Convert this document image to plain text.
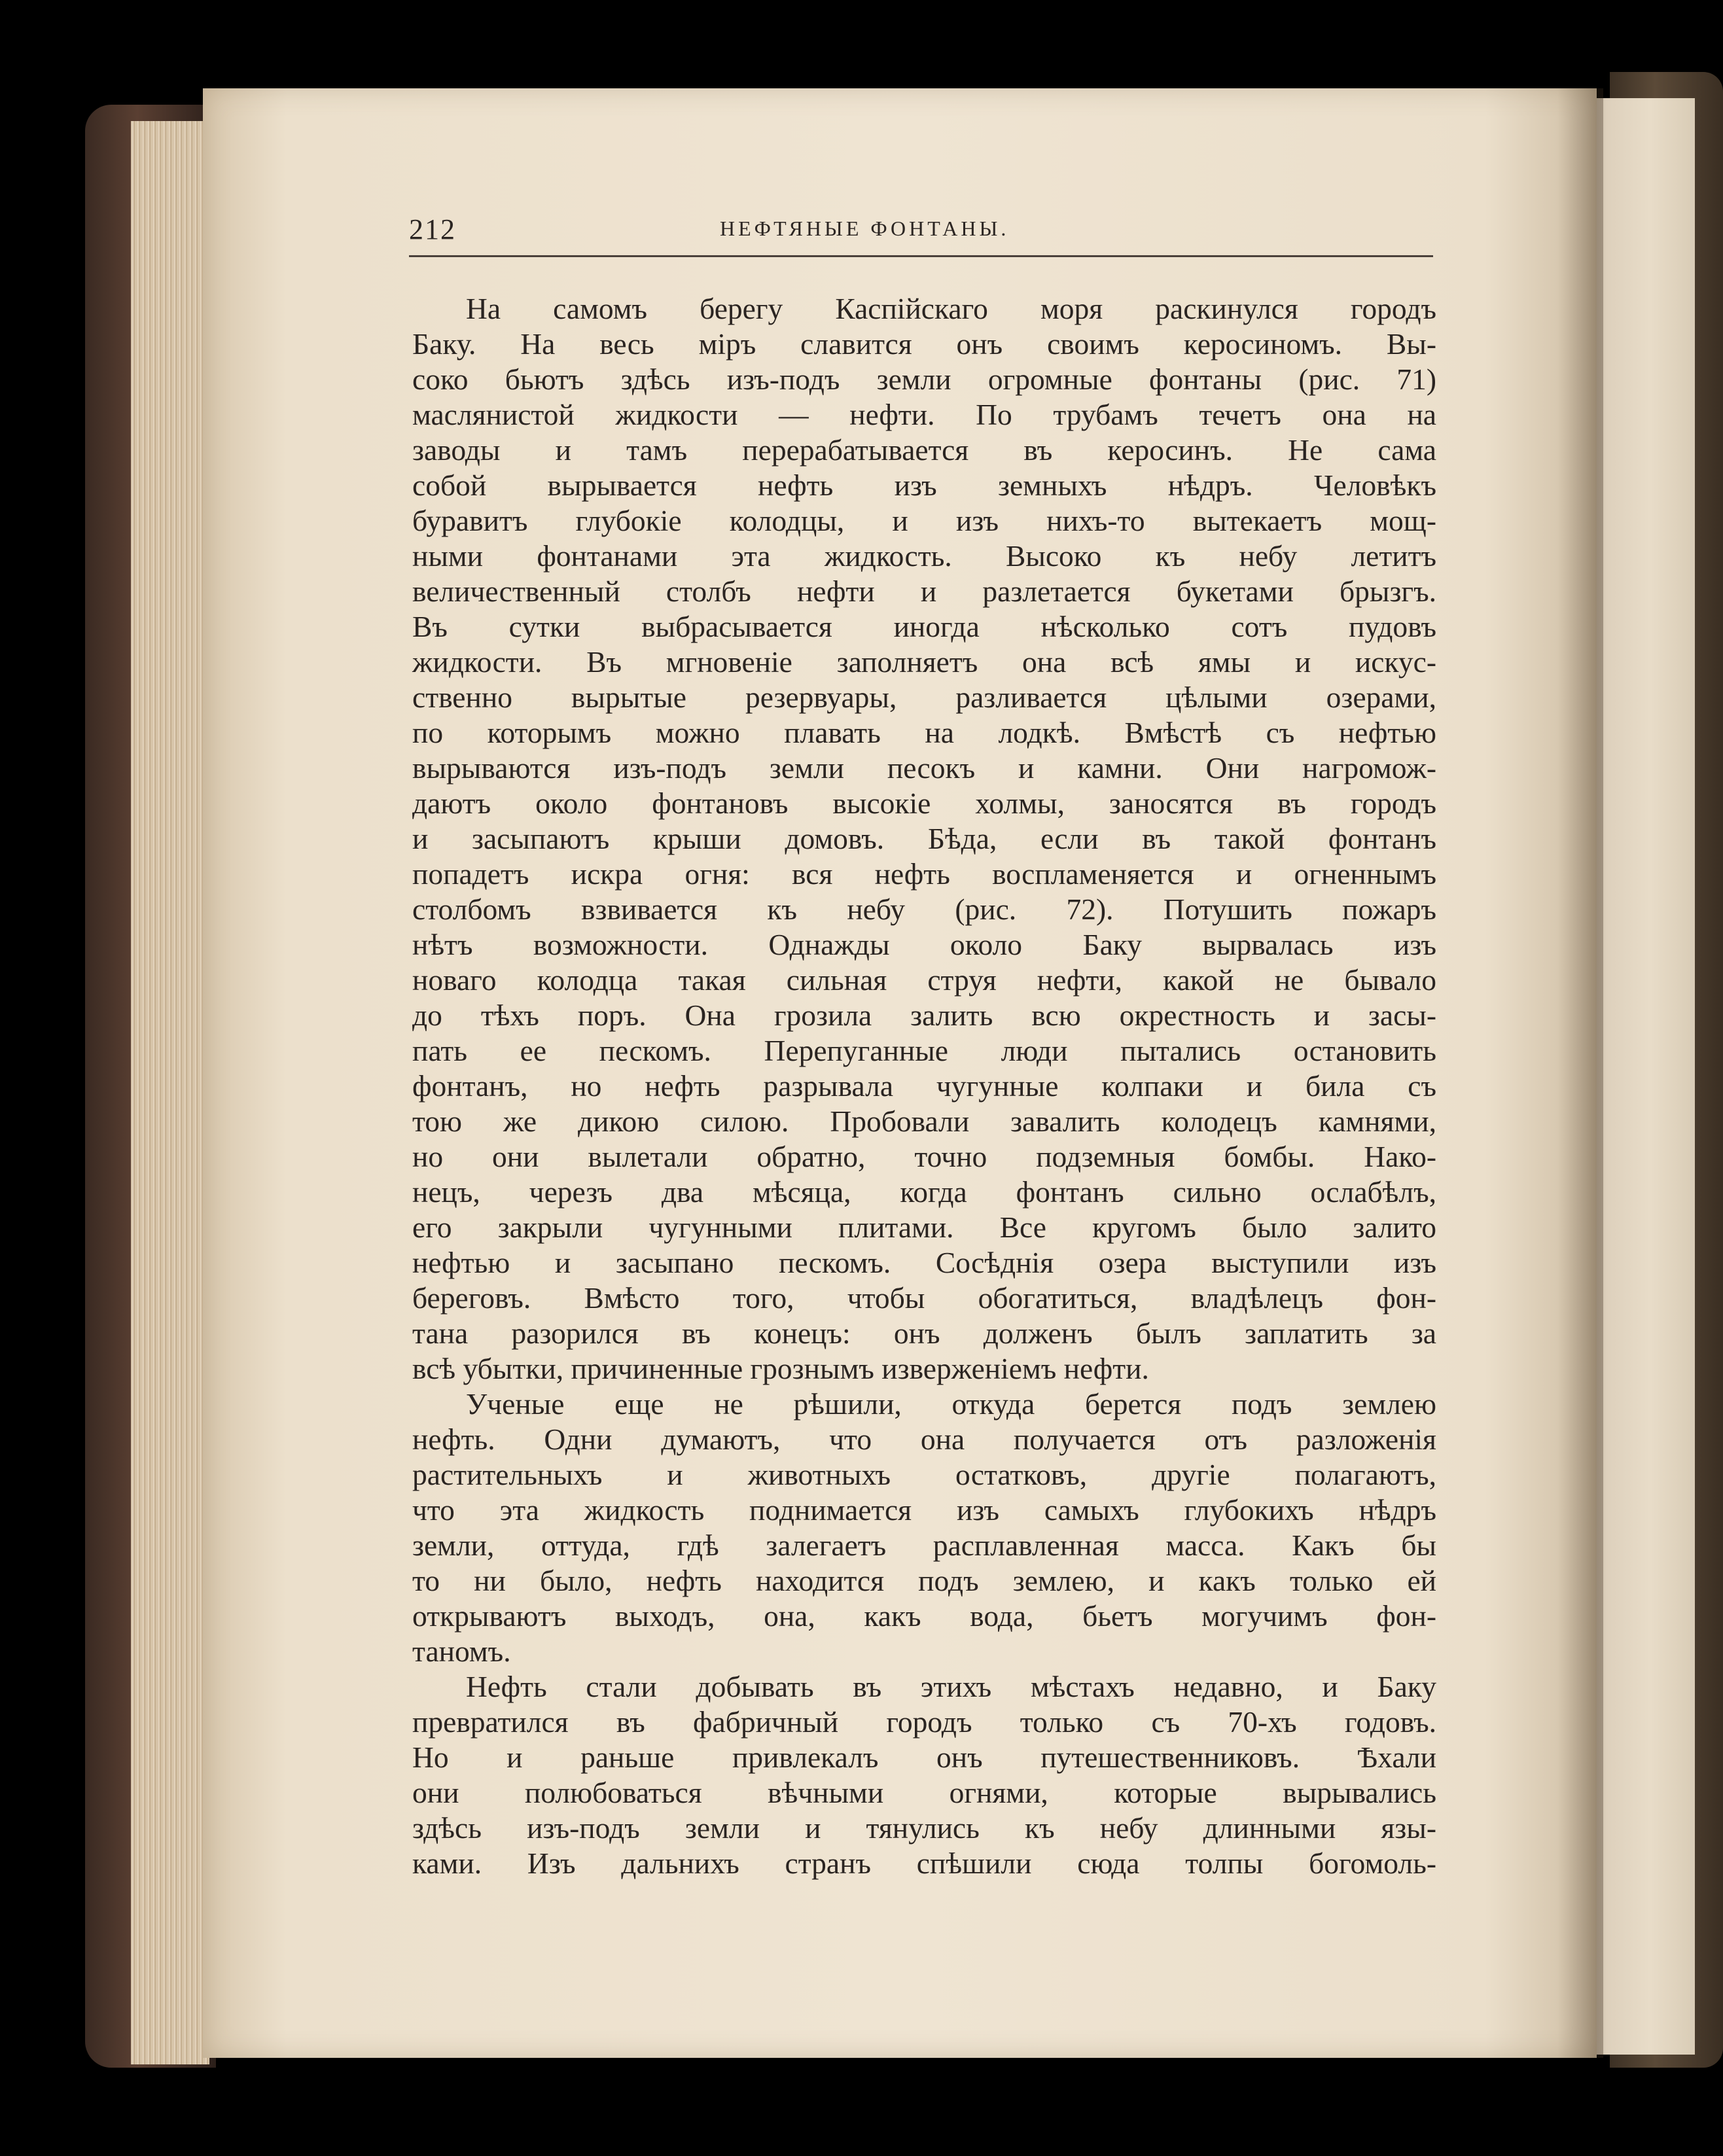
212	НЕФТЯНЫЕ ФОНТАНЫ.
На самомъ берегу Каспійскаго моря раскинулся городъ
Баку. На весь міръ славится онъ своимъ керосиномъ. Вы-
соко бьютъ здѣсь изъ-подъ земли огромные фонтаны (рис. 71)
маслянистой жидкости — нефти. По трубамъ течетъ она на
заводы и тамъ перерабатывается въ керосинъ. Не сама
собой вырывается нефть изъ земныхъ нѣдръ. Человѣкъ
буравитъ глубокіе колодцы, и изъ нихъ-то вытекаетъ мощ-
ными фонтанами эта жидкость. Высоко къ небу летитъ
величественный столбъ нефти и разлетается букетами брызгъ.
Въ сутки выбрасывается иногда нѣсколько сотъ пудовъ
жидкости. Въ мгновеніе заполняетъ она всѣ ямы и искус-
ственно вырытые резервуары, разливается цѣлыми озерами,
по которымъ можно плавать на лодкѣ. Вмѣстѣ съ нефтью
вырываются изъ-подъ земли песокъ и камни. Они нагромож-
даютъ около фонтановъ высокіе холмы, заносятся въ городъ
и засыпаютъ крыши домовъ. Бѣда, если въ такой фонтанъ
попадетъ искра огня: вся нефть воспламеняется и огненнымъ
столбомъ взвивается къ небу (рис. 72). Потушить пожаръ
нѣтъ возможности. Однажды около Баку вырвалась изъ
новаго колодца такая сильная струя нефти, какой не бывало
до тѣхъ поръ. Она грозила залить всю окрестность и засы-
пать ее пескомъ. Перепуганные люди пытались остановить
фонтанъ, но нефть разрывала чугунные колпаки и била съ
тою же дикою силою. Пробовали завалить колодецъ камнями,
но они вылетали обратно, точно подземныя бомбы. Нако-
нецъ, черезъ два мѣсяца, когда фонтанъ сильно ослабѣлъ,
его закрыли чугунными плитами. Все кругомъ было залито
нефтью и засыпано пескомъ. Сосѣднія озера выступили изъ
береговъ. Вмѣсто того, чтобы обогатиться, владѣлецъ фон-
тана разорился въ конецъ: онъ долженъ былъ заплатить за
всѣ убытки, причиненные грознымъ изверженіемъ нефти.
Ученые еще не рѣшили, откуда берется подъ землею
нефть. Одни думаютъ, что она получается отъ разложенія
растительныхъ и животныхъ остатковъ, другіе полагаютъ,
что эта жидкость поднимается изъ самыхъ глубокихъ нѣдръ
земли, оттуда, гдѣ залегаетъ расплавленная масса. Какъ бы
то ни было, нефть находится подъ землею, и какъ только ей
открываютъ выходъ, она, какъ вода, бьетъ могучимъ фон-
таномъ.
Нефть стали добывать въ этихъ мѣстахъ недавно, и Баку
превратился въ фабричный городъ только съ 70-хъ годовъ.
Но и раньше привлекалъ онъ путешественниковъ. Ѣхали
они полюбоваться вѣчными огнями, которые вырывались
здѣсь изъ-подъ земли и тянулись къ небу длинными язы-
ками. Изъ дальнихъ странъ спѣшили сюда толпы богомоль-
